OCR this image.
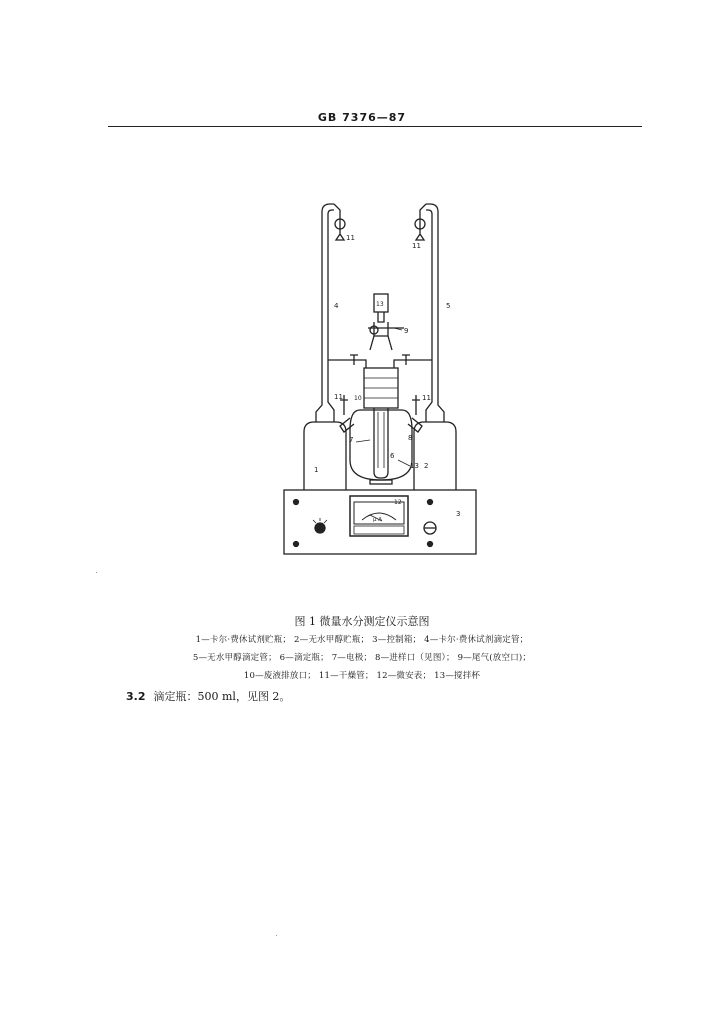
GB 7376—87
11
11
4	5
13
9
11 10	11
7
6
8
13
1	2
3
12
μ A
图 1 微量水分测定仪示意图
1—卡尔·费休试剂贮瓶； 2—无水甲醇贮瓶； 3—控制箱； 4—卡尔·费休试剂滴定管；
5—无水甲醇滴定管； 6—滴定瓶； 7—电极； 8—进样口（见图）； 9—尾气(放空口)；
10—废液排放口； 11—干燥管； 12—微安表； 13—搅拌杯
3.2 滴定瓶：500 ml，见图 2。
